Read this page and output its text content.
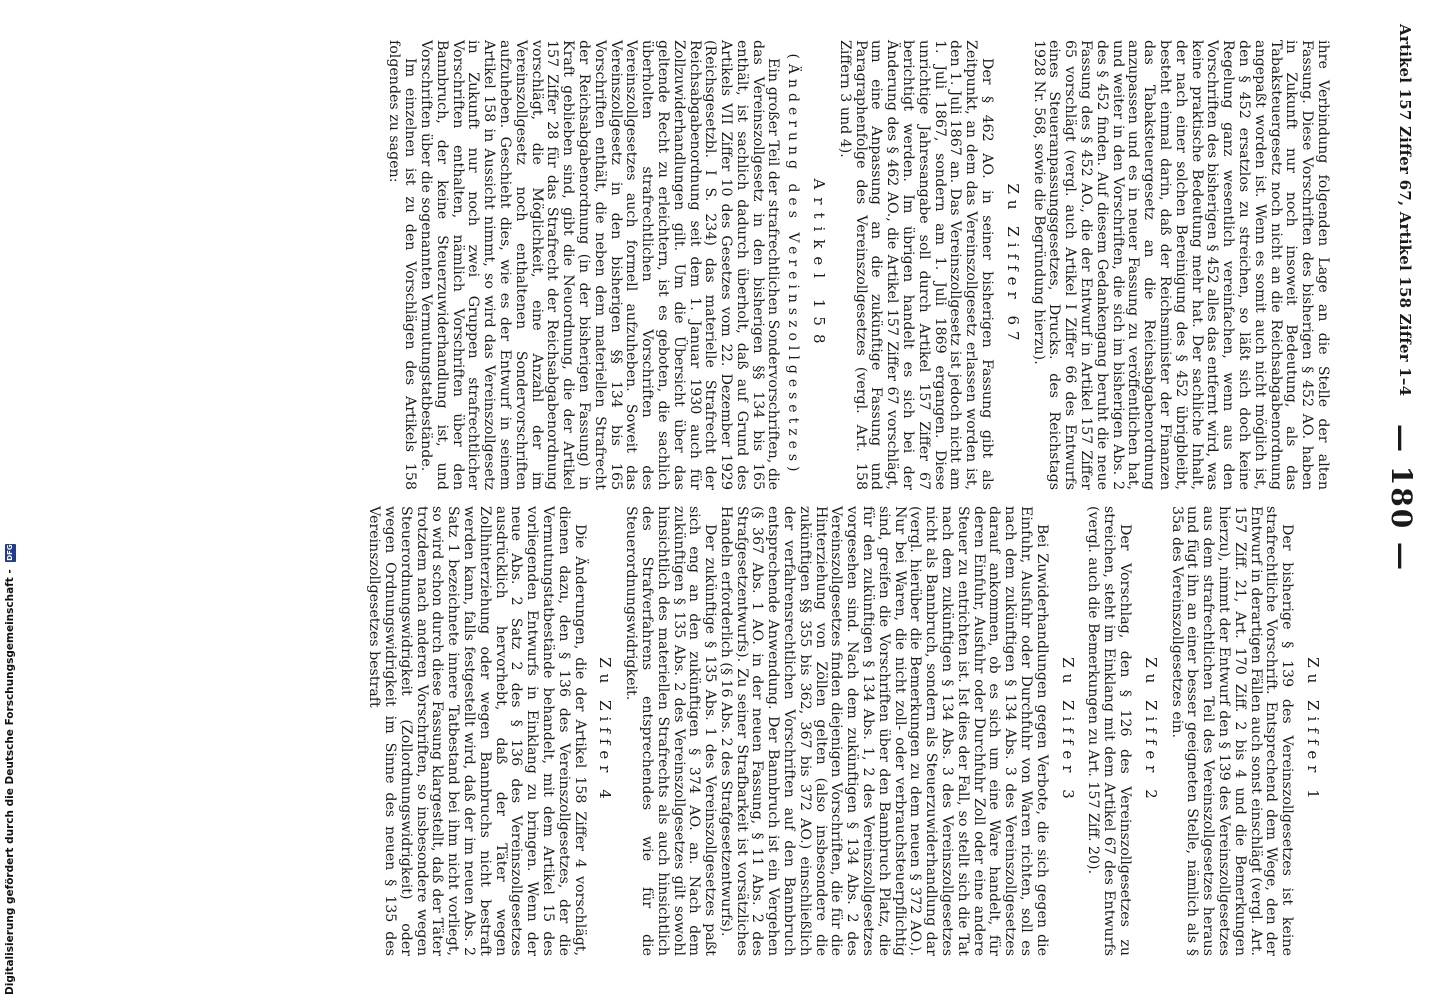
Artikel 157 Ziffer 67, Artikel 158 Ziffer 1–4
— 180 —

ihre Verbindung folgenden Lage an die Stelle der alten Fassung. Diese Vorschriften des bisherigen § 452 AO. haben in Zukunft nur noch insoweit Bedeutung, als das Tabaksteuergesetz noch nicht an die Reichsabgabenordnung angepaßt worden ist. Wenn es somit auch nicht möglich ist, den § 452 ersatzlos zu streichen, so läßt sich doch keine Regelung ganz wesentlich vereinfachen, wenn aus den Vorschriften des bisherigen § 452 alles das entfernt wird, was keine praktische Bedeutung mehr hat. Der sachliche Inhalt, der nach einer solchen Bereinigung des § 452 übrigbleibt, besteht einmal darin, daß der Reichsminister der Finanzen das Tabaksteuergesetz an die Reichsabgabenordnung anzupassen und es in neuer Fassung zu veröffentlichen hat, und weiter in den Vorschriften, die sich im bisherigen Abs. 2 des § 452 finden. Auf diesem Gedankengang beruht die neue Fassung des § 452 AO., die der Entwurf in Artikel 157 Ziffer 65 vorschlägt (vergl. auch Artikel I Ziffer 66 des Entwurfs eines Steueranpassungsgesetzes, Drucks. des Reichstags 1928 Nr. 568, sowie die Begründung hierzu).

Zu Ziffer 67

Der § 462 AO. in seiner bisherigen Fassung gibt als Zeitpunkt, an dem das Vereinszollgesetz erlassen worden ist, den 1. Juli 1867 an. Das Vereinszollgesetz ist jedoch nicht am 1. Juli 1867, sondern am 1. Juli 1869 ergangen. Diese unrichtige Jahresangabe soll durch Artikel 157 Ziffer 67 berichtigt werden. Im übrigen handelt es sich bei der Änderung des § 462 AO., die Artikel 157 Ziffer 67 vorschlägt, um eine Anpassung an die zukünftige Fassung und Paragraphenfolge des Vereinszollgesetzes (vergl. Art. 158 Ziffern 3 und 4).

Artikel 158
(Änderung des Vereinszollgesetzes)

Ein großer Teil der strafrechtlichen Sondervorschriften, die das Vereinszollgesetz in den bisherigen §§ 134 bis 165 enthält, ist sachlich dadurch überholt, daß auf Grund des Artikels VII Ziffer 10 des Gesetzes vom 22. Dezember 1929 (Reichsgesetzbl. I S. 234) das materielle Strafrecht der Reichsabgabenordnung seit dem 1. Januar 1930 auch für Zollzuwiderhandlungen gilt. Um die Übersicht über das geltende Recht zu erleichtern, ist es geboten, die sachlich überholten strafrechtlichen Vorschriften des Vereinszollgesetzes auch formell aufzuheben. Soweit das Vereinszollgesetz in den bisherigen §§ 134 bis 165 Vorschriften enthält, die neben dem materiellen Strafrecht der Reichsabgabenordnung (in der bisherigen Fassung) in Kraft geblieben sind, gibt die Neuordnung, die der Artikel 157 Ziffer 28 für das Strafrecht der Reichsabgabenordnung vorschlägt, die Möglichkeit, eine Anzahl der im Vereinszollgesetz noch enthaltenen Sondervorschriften aufzuheben. Geschieht dies, wie es der Entwurf in seinem Artikel 158 in Aussicht nimmt, so wird das Vereinszollgesetz in Zukunft nur noch zwei Gruppen strafrechtlicher Vorschriften enthalten, nämlich Vorschriften über den Bannbruch, der keine Steuerzuwiderhandlung ist, und Vorschriften über die sogenannten Vermutungstatbestände.

Im einzelnen ist zu den Vorschlägen des Artikels 158 folgendes zu sagen:

Zu Ziffer 1

Der bisherige § 139 des Vereinszollgesetzes ist keine strafrechtliche Vorschrift. Entsprechend dem Wege, den der Entwurf in derartigen Fällen auch sonst einschlägt (vergl. Art. 157 Ziff. 21, Art. 170 Ziff. 2 bis 4 und die Bemerkungen hierzu), nimmt der Entwurf den § 139 des Vereinszollgesetzes aus dem strafrechtlichen Teil des Vereinszollgesetzes heraus und fügt ihn an einer besser geeigneten Stelle, nämlich als § 35a des Vereinszollgesetzes ein.

Zu Ziffer 2

Der Vorschlag, den § 126 des Vereinszollgesetzes zu streichen, steht im Einklang mit dem Artikel 67 des Entwurfs (vergl. auch die Bemerkungen zu Art. 157 Ziff. 20).

Zu Ziffer 3

Bei Zuwiderhandlungen gegen Verbote, die sich gegen die Einfuhr, Ausfuhr oder Durchfuhr von Waren richten, soll es nach dem zukünftigen § 134 Abs. 3 des Vereinszollgesetzes darauf ankommen, ob es sich um eine Ware handelt, für deren Einfuhr, Ausfuhr oder Durchfuhr Zoll oder eine andere Steuer zu entrichten ist. Ist dies der Fall, so stellt sich die Tat nach dem zukünftigen § 134 Abs. 3 des Vereinszollgesetzes nicht als Bannbruch, sondern als Steuerzuwiderhandlung dar (vergl. hierüber die Bemerkungen zu dem neuen § 372 AO.). Nur bei Waren, die nicht zoll- oder verbrauchsteuerpflichtig sind, greifen die Vorschriften über den Bannbruch Platz, die für den zukünftigen § 134 Abs. 1, 2 des Vereinszollgesetzes vorgesehen sind. Nach dem zukünftigen § 134 Abs. 2 des Vereinszollgesetzes finden diejenigen Vorschriften, die für die Hinterziehung von Zöllen gelten (also insbesondere die zukünftigen §§ 355 bis 362, 367 bis 372 AO.) einschließlich der verfahrensrechtlichen Vorschriften auf den Bannbruch entsprechende Anwendung. Der Bannbruch ist ein Vergehen (§ 367 Abs. 1 AO. in der neuen Fassung, § 11 Abs. 2 des Strafgesetzentwurfs). Zu seiner Strafbarkeit ist vorsätzliches Handeln erforderlich (§ 16 Abs. 2 des Strafgesetzentwurfs).

Der zukünftige § 135 Abs. 1 des Vereinszollgesetzes paßt sich eng an den zukünftigen § 374 AO. an. Nach dem zukünftigen § 135 Abs. 2 des Vereinszollgesetzes gilt sowohl hinsichtlich des materiellen Strafrechts als auch hinsichtlich des Strafverfahrens entsprechendes wie für die Steuerordnungswidrigkeit.

Zu Ziffer 4

Die Änderungen, die der Artikel 158 Ziffer 4 vorschlägt, dienen dazu, den § 136 des Vereinszollgesetzes, der die Vermutungstatbestände behandelt, mit dem Artikel 15 des vorliegenden Entwurfs in Einklang zu bringen. Wenn der neue Abs. 2 Satz 2 des § 136 des Vereinszollgesetzes ausdrücklich hervorhebt, daß der Täter wegen Zollhinterziehung oder wegen Bannbruchs nicht bestraft werden kann, falls festgestellt wird, daß der im neuen Abs. 2 Satz 1 bezeichnete innere Tatbestand bei ihm nicht vorliegt, so wird schon durch diese Fassung klargestellt, daß der Täter trotzdem nach anderen Vorschriften, so insbesondere wegen Steuerordnungswidrigkeit (Zollordnungswidrigkeit) oder wegen Ordnungswidrigkeit im Sinne des neuen § 135 des Vereinszollgesetzes bestraft

Digitalisierung gefördert durch die Deutsche Forschungsgemeinschaft - DFG
